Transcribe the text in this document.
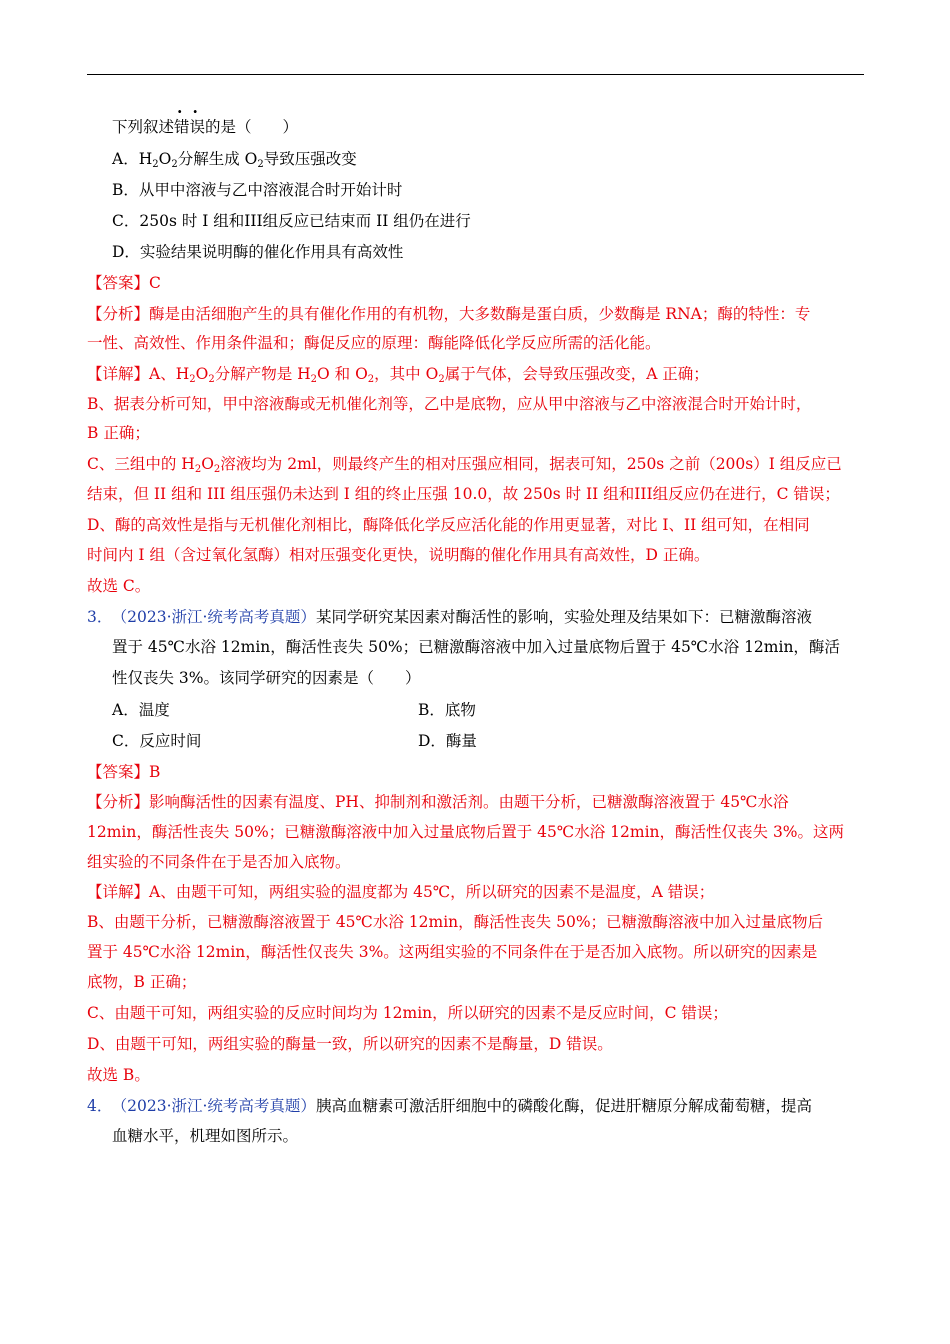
下列叙述错误的是（　　）
A．$H_2O_2$分解生成 $O_2$导致压强改变
B．从甲中溶液与乙中溶液混合时开始计时
C．250s 时 I 组和III组反应已结束而 II 组仍在进行
D．实验结果说明酶的催化作用具有高效性
【答案】C
【分析】酶是由活细胞产生的具有催化作用的有机物，大多数酶是蛋白质，少数酶是 RNA；酶的特性：专
一性、高效性、作用条件温和；酶促反应的原理：酶能降低化学反应所需的活化能。
【详解】A、$H_2O_2$分解产物是 $H_2O$ 和 $O_2$，其中 $O_2$属于气体，会导致压强改变，A 正确；
B、据表分析可知，甲中溶液酶或无机催化剂等，乙中是底物，应从甲中溶液与乙中溶液混合时开始计时，
B 正确；
C、三组中的 $H_2O_2$溶液均为 2ml，则最终产生的相对压强应相同，据表可知，250s 之前（200s）I 组反应已
结束，但 II 组和 III 组压强仍未达到 I 组的终止压强 10.0，故 250s 时 II 组和III组反应仍在进行，C 错误；
D、酶的高效性是指与无机催化剂相比，酶降低化学反应活化能的作用更显著，对比 I、II 组可知，在相同
时间内 I 组（含过氧化氢酶）相对压强变化更快，说明酶的催化作用具有高效性，D 正确。
故选 C。
3． （2023·浙江·统考高考真题）某同学研究某因素对酶活性的影响，实验处理及结果如下：已糖激酶溶液
置于 45℃水浴 12min，酶活性丧失 50%；已糖激酶溶液中加入过量底物后置于 45℃水浴 12min，酶活
性仅丧失 3%。该同学研究的因素是（　　）
A．温度	B．底物
C．反应时间	D．酶量
【答案】B
【分析】影响酶活性的因素有温度、PH、抑制剂和激活剂。由题干分析，已糖激酶溶液置于 45℃水浴
12min，酶活性丧失 50%；已糖激酶溶液中加入过量底物后置于 45℃水浴 12min，酶活性仅丧失 3%。这两
组实验的不同条件在于是否加入底物。
【详解】A、由题干可知，两组实验的温度都为 45℃，所以研究的因素不是温度，A 错误；
B、由题干分析，已糖激酶溶液置于 45℃水浴 12min，酶活性丧失 50%；已糖激酶溶液中加入过量底物后
置于 45℃水浴 12min，酶活性仅丧失 3%。这两组实验的不同条件在于是否加入底物。所以研究的因素是
底物，B 正确；
C、由题干可知，两组实验的反应时间均为 12min，所以研究的因素不是反应时间，C 错误；
D、由题干可知，两组实验的酶量一致，所以研究的因素不是酶量，D 错误。
故选 B。
4． （2023·浙江·统考高考真题）胰高血糖素可激活肝细胞中的磷酸化酶，促进肝糖原分解成葡萄糖，提高
血糖水平，机理如图所示。
